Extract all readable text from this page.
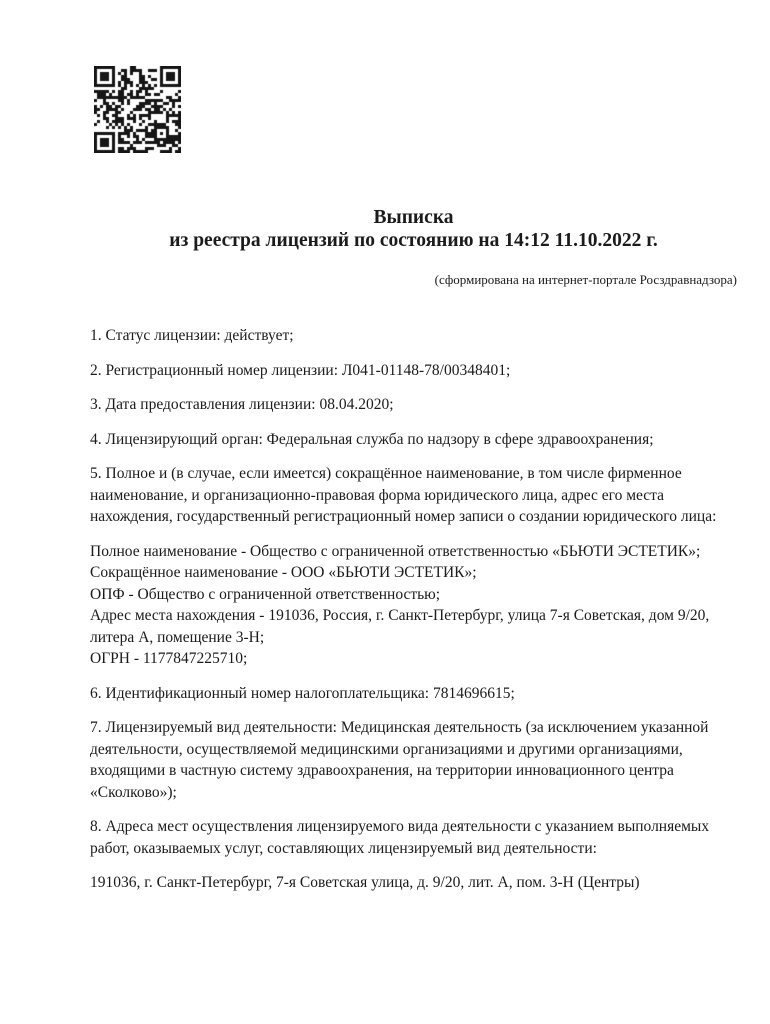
Выписка
из реестра лицензий по состоянию на 14:12 11.10.2022 г.
(сформирована на интернет-портале Росздравнадзора)
1. Статус лицензии: действует;
2. Регистрационный номер лицензии: Л041-01148-78/00348401;
3. Дата предоставления лицензии: 08.04.2020;
4. Лицензирующий орган: Федеральная служба по надзору в сфере здравоохранения;
5. Полное и (в случае, если имеется) сокращённое наименование, в том числе фирменное
наименование, и организационно-правовая форма юридического лица, адрес его места
нахождения, государственный регистрационный номер записи о создании юридического лица:
Полное наименование - Общество с ограниченной ответственностью «БЬЮТИ ЭСТЕТИК»;
Сокращённое наименование - ООО «БЬЮТИ ЭСТЕТИК»;
ОПФ - Общество с ограниченной ответственностью;
Адрес места нахождения - 191036, Россия, г. Санкт-Петербург, улица 7-я Советская, дом 9/20,
литера А, помещение 3-Н;
ОГРН - 1177847225710;
6. Идентификационный номер налогоплательщика: 7814696615;
7. Лицензируемый вид деятельности: Медицинская деятельность (за исключением указанной
деятельности, осуществляемой медицинскими организациями и другими организациями,
входящими в частную систему здравоохранения, на территории инновационного центра
«Сколково»);
8. Адреса мест осуществления лицензируемого вида деятельности с указанием выполняемых
работ, оказываемых услуг, составляющих лицензируемый вид деятельности:
191036, г. Санкт-Петербург, 7-я Советская улица, д. 9/20, лит. А, пом. 3-Н (Центры)
